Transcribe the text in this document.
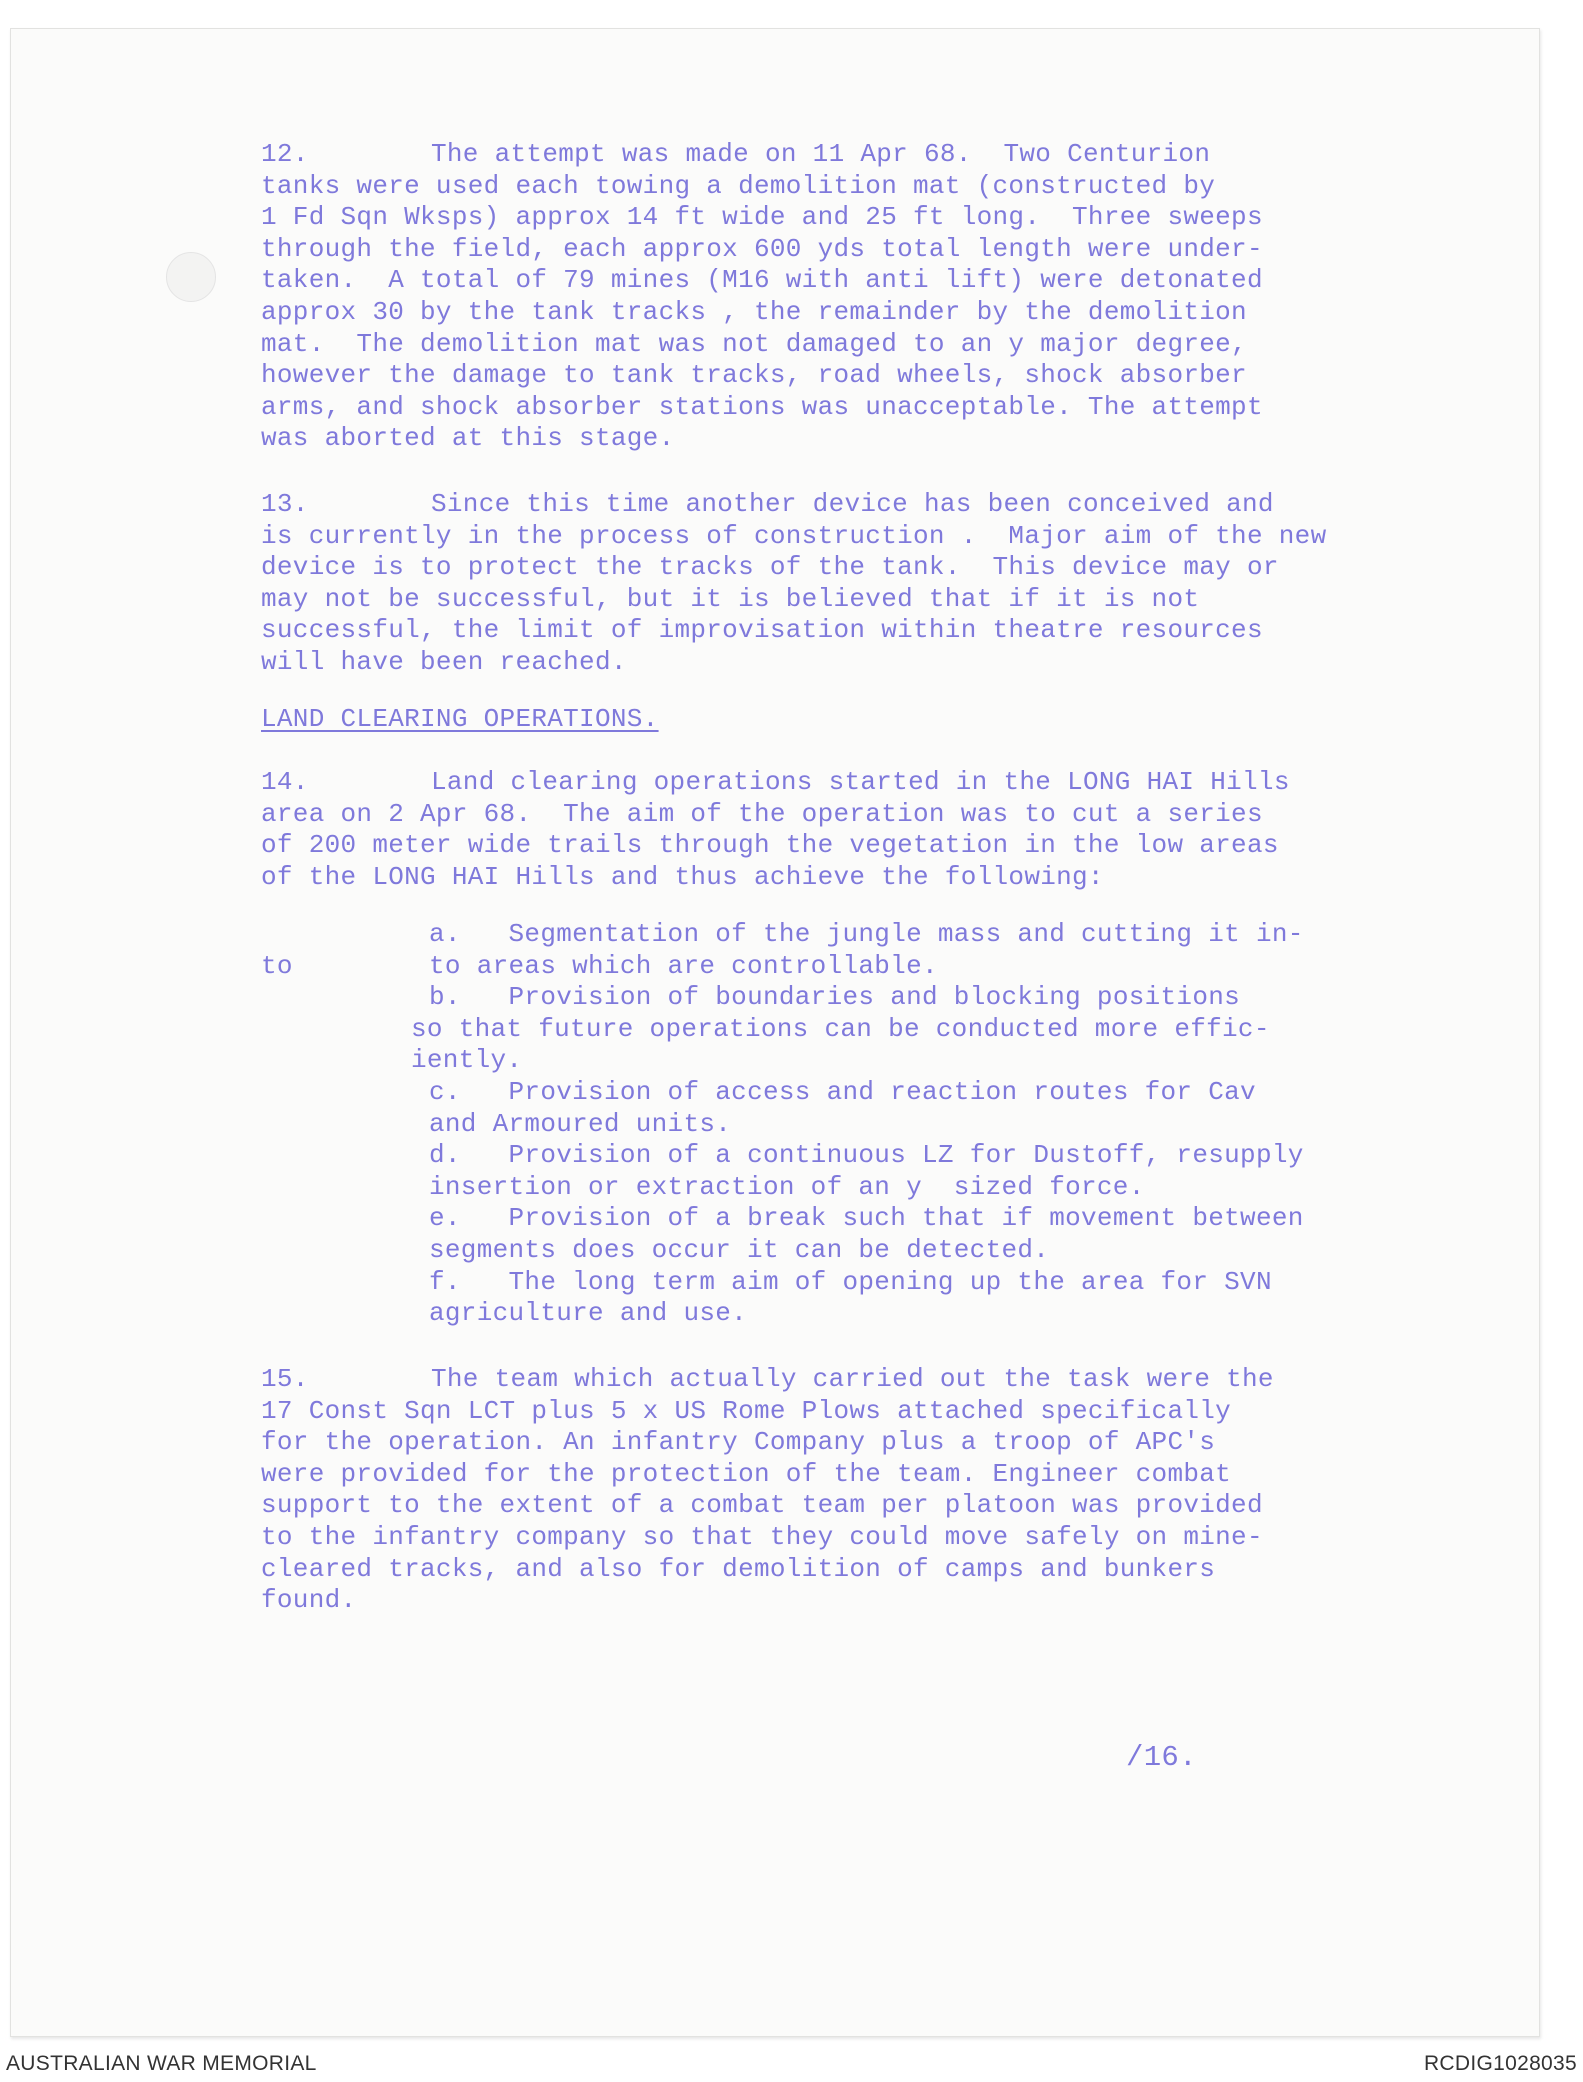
12.	The attempt was made on 11 Apr 68.  Two Centurion

tanks were used each towing a demolition mat (constructed by

1 Fd Sqn Wksps) approx 14 ft wide and 25 ft long.  Three sweeps

through the field, each approx 600 yds total length were under-

taken.  A total of 79 mines (M16 with anti lift) were detonated

approx 30 by the tank tracks , the remainder by the demolition

mat.  The demolition mat was not damaged to an y major degree,

however the damage to tank tracks, road wheels, shock absorber

arms, and shock absorber stations was unacceptable. The attempt

was aborted at this stage.

13.	Since this time another device has been conceived and

is currently in the process of construction .  Major aim of the new

device is to protect the tracks of the tank.  This device may or

may not be successful, but it is believed that if it is not

successful, the limit of improvisation within theatre resources

will have been reached.

LAND CLEARING OPERATIONS.

14.	Land clearing operations started in the LONG HAI Hills

area on 2 Apr 68.  The aim of the operation was to cut a series

of 200 meter wide trails through the vegetation in the low areas

of the LONG HAI Hills and thus achieve the following:

to

a. Segmentation of the jungle mass and cutting it in-

to areas which are controllable.

b. Provision of boundaries and blocking positions

so that future operations can be conducted more effic-

iently.

c. Provision of access and reaction routes for Cav

and Armoured units.

d. Provision of a continuous LZ for Dustoff, resupply

insertion or extraction of an y  sized force.

e. Provision of a break such that if movement between

segments does occur it can be detected.

f. The long term aim of opening up the area for SVN

agriculture and use.

15.	The team which actually carried out the task were the

17 Const Sqn LCT plus 5 x US Rome Plows attached specifically

for the operation. An infantry Company plus a troop of APC's

were provided for the protection of the team. Engineer combat

support to the extent of a combat team per platoon was provided

to the infantry company so that they could move safely on mine-

cleared tracks, and also for demolition of camps and bunkers

found.

/16.

AUSTRALIAN WAR MEMORIAL	RCDIG1028035
